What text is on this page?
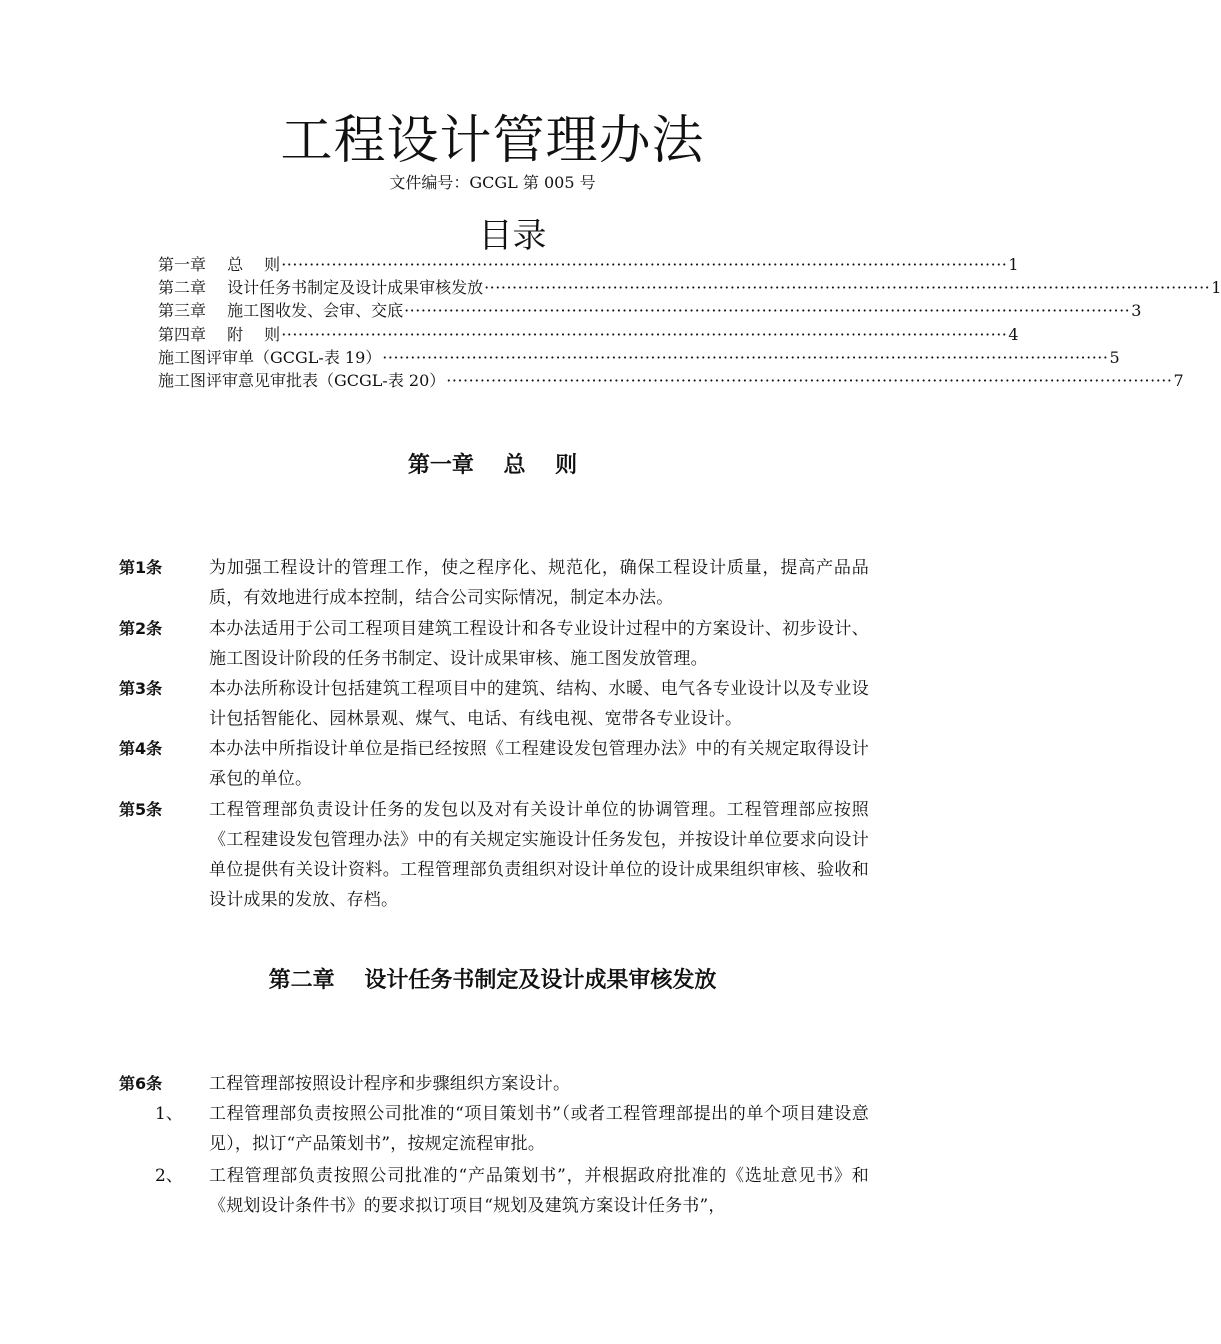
工程设计管理办法
文件编号：GCGL 第 005 号
目录
第一章　 总　 则 ·································································································································· 1
第二章　 设计任务书制定及设计成果审核发放 ·································································································································· 1
第三章　 施工图收发、会审、交底 ·································································································································· 3
第四章　 附　 则 ·································································································································· 4
施工图评审单（GCGL-表 19） ·································································································································· 5
施工图评审意见审批表（GCGL-表 20） ·································································································································· 7
第一章　 总　 则
第1条	为加强工程设计的管理工作，使之程序化、规范化，确保工程设计质量，提高产品品质，有效地进行成本控制，结合公司实际情况，制定本办法。
第2条	本办法适用于公司工程项目建筑工程设计和各专业设计过程中的方案设计、初步设计、施工图设计阶段的任务书制定、设计成果审核、施工图发放管理。
第3条	本办法所称设计包括建筑工程项目中的建筑、结构、水暖、电气各专业设计以及专业设计包括智能化、园林景观、煤气、电话、有线电视、宽带各专业设计。
第4条	本办法中所指设计单位是指已经按照《工程建设发包管理办法》中的有关规定取得设计承包的单位。
第5条	工程管理部负责设计任务的发包以及对有关设计单位的协调管理。工程管理部应按照《工程建设发包管理办法》中的有关规定实施设计任务发包，并按设计单位要求向设计单位提供有关设计资料。工程管理部负责组织对设计单位的设计成果组织审核、验收和设计成果的发放、存档。
第二章　 设计任务书制定及设计成果审核发放
第6条	工程管理部按照设计程序和步骤组织方案设计。
1、 工程管理部负责按照公司批准的“项目策划书”（或者工程管理部提出的单个项目建设意见），拟订“产品策划书”，按规定流程审批。
2、 工程管理部负责按照公司批准的“产品策划书”，并根据政府批准的《选址意见书》和《规划设计条件书》的要求拟订项目“规划及建筑方案设计任务书”，
